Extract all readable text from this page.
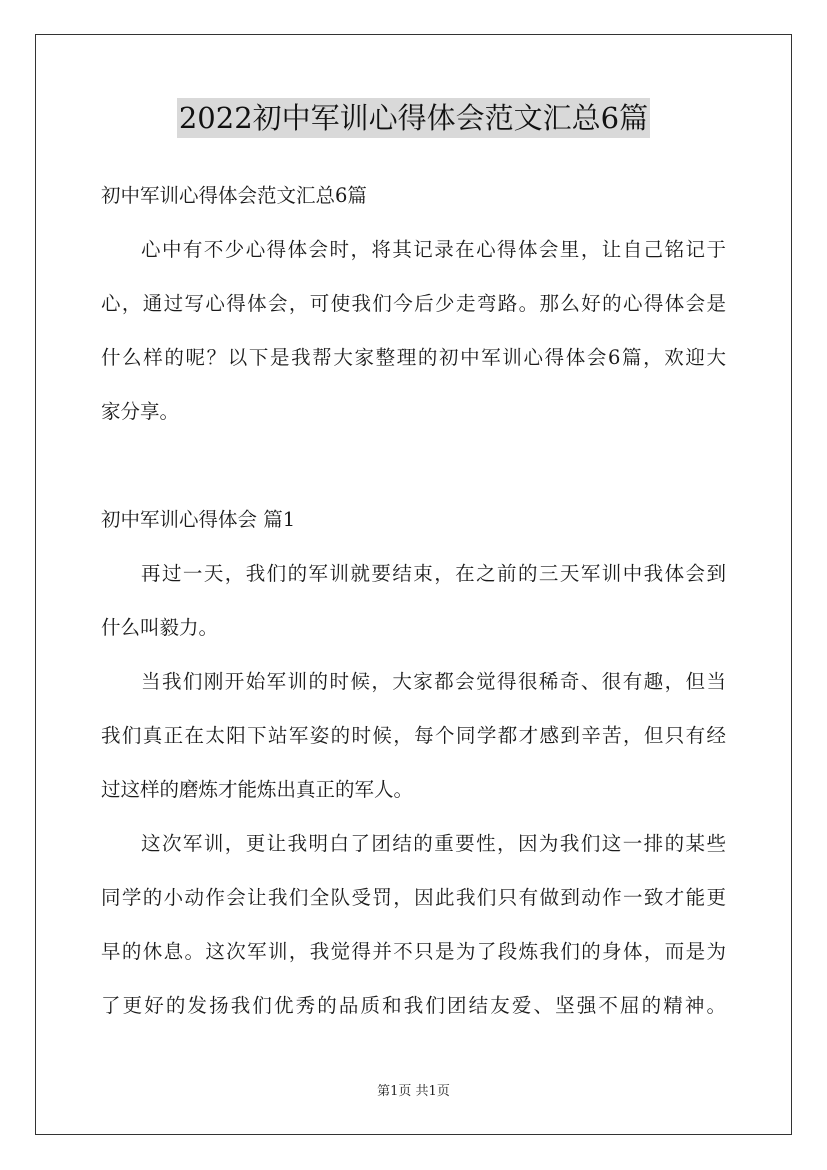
2022初中军训心得体会范文汇总6篇
初中军训心得体会范文汇总6篇
心中有不少心得体会时，将其记录在心得体会里，让自己铭记于
心，通过写心得体会，可使我们今后少走弯路。那么好的心得体会是
什么样的呢？以下是我帮大家整理的初中军训心得体会6篇，欢迎大
家分享。
初中军训心得体会 篇1
再过一天，我们的军训就要结束，在之前的三天军训中我体会到
什么叫毅力。
当我们刚开始军训的时候，大家都会觉得很稀奇、很有趣，但当
我们真正在太阳下站军姿的时候，每个同学都才感到辛苦，但只有经
过这样的磨炼才能炼出真正的军人。
这次军训，更让我明白了团结的重要性，因为我们这一排的某些
同学的小动作会让我们全队受罚，因此我们只有做到动作一致才能更
早的休息。这次军训，我觉得并不只是为了段炼我们的身体，而是为
了更好的发扬我们优秀的品质和我们团结友爱、坚强不屈的精神。
第1页 共1页
